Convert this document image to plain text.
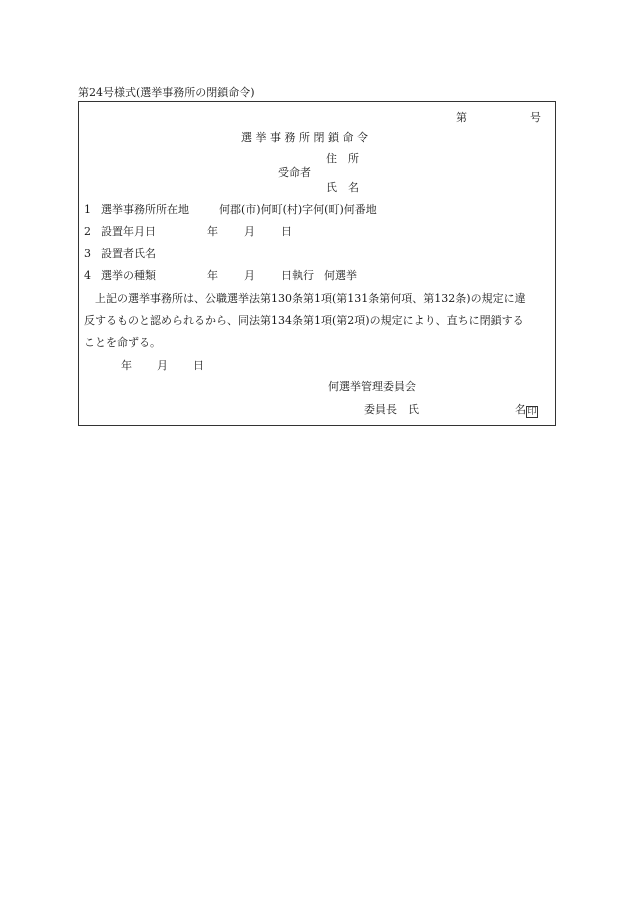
第24号様式(選挙事務所の閉鎖命令)
第	号
選 挙 事 務 所 閉 鎖 命 令
住　所
受命者
氏　名
1 選挙事務所所在地	何郡(市)何町(村)字何(町)何番地
2 設置年月日	年 月 日
3 設置者氏名
4 選挙の種類	年 月 日執行 何選挙
上記の選挙事務所は、公職選挙法第130条第1項(第131条第何項、第132条)の規定に違
反するものと認められるから、同法第134条第1項(第2項)の規定により、直ちに閉鎖する
ことを命ずる。
年 月 日
何選挙管理委員会
委員長　氏	名印
